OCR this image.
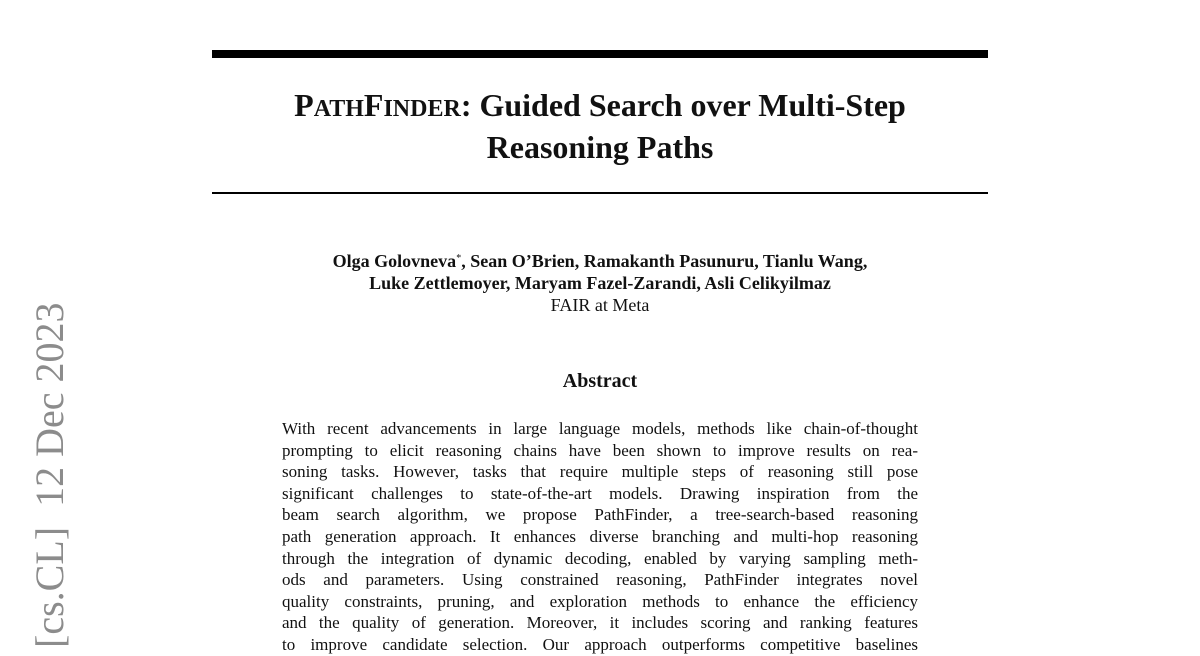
[cs.CL]  12 Dec 2023
PATHFINDER: Guided Search over Multi-Step
Reasoning Paths
Olga Golovneva*, Sean O’Brien, Ramakanth Pasunuru, Tianlu Wang,
Luke Zettlemoyer, Maryam Fazel-Zarandi, Asli Celikyilmaz
FAIR at Meta
Abstract
With recent advancements in large language models, methods like chain-of-thought
prompting to elicit reasoning chains have been shown to improve results on rea-
soning tasks. However, tasks that require multiple steps of reasoning still pose
significant challenges to state-of-the-art models. Drawing inspiration from the
beam search algorithm, we propose PathFinder, a tree-search-based reasoning
path generation approach. It enhances diverse branching and multi-hop reasoning
through the integration of dynamic decoding, enabled by varying sampling meth-
ods and parameters. Using constrained reasoning, PathFinder integrates novel
quality constraints, pruning, and exploration methods to enhance the efficiency
and the quality of generation. Moreover, it includes scoring and ranking features
to improve candidate selection. Our approach outperforms competitive baselines
